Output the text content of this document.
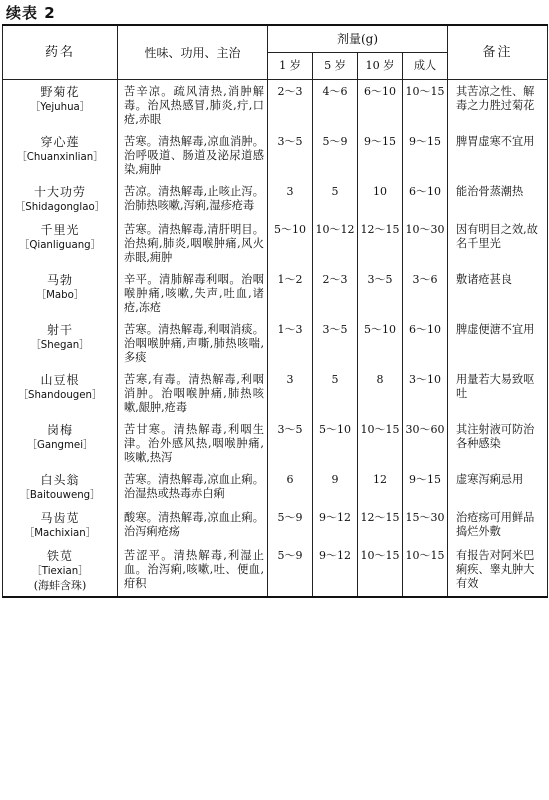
续表 2
药名	性味、功用、主治	剂量(g)				备注
		1 岁	5 岁	10 岁	成人	

野菊花
［Yejuhua］	苦辛凉。疏风清热,消肿解毒。治风热感冒,肺炎,疔,口疮,赤眼	2～3	4～6	6～10	10～15	其苦凉之性、解毒之力胜过菊花

穿心莲
［Chuanxinlian］	苦寒。清热解毒,凉血消肿。治呼吸道、肠道及泌尿道感染,痈肿	3～5	5～9	9～15	9～15	脾胃虚寒不宜用

十大功劳
［Shidagonglao］	苦凉。清热解毒,止咳止泻。治肺热咳嗽,泻痢,湿疹疮毒	3	5	10	6～10	能治骨蒸潮热

千里光
［Qianliguang］	苦寒。清热解毒,清肝明目。治热痢,肺炎,咽喉肿痛,风火赤眼,痈肿	5～10	10～12	12～15	10～30	因有明目之效,故名千里光

马勃
［Mabo］	辛平。清肺解毒利咽。治咽喉肿痛,咳嗽,失声,吐血,诸疮,冻疮	1～2	2～3	3～5	3～6	敷诸疮甚良

射干
［Shegan］	苦寒。清热解毒,利咽消痰。治咽喉肿痛,声嘶,肺热咳喘,多痰	1～3	3～5	5～10	6～10	脾虚便溏不宜用

山豆根
［Shandougen］	苦寒,有毒。清热解毒,利咽消肿。治咽喉肿痛,肺热咳嗽,龈肿,疮毒	3	5	8	3～10	用量若大易致呕吐

岗梅
［Gangmei］	苦甘寒。清热解毒,利咽生津。治外感风热,咽喉肿痛,咳嗽,热泻	3～5	5～10	10～15	30～60	其注射液可防治各种感染

白头翁
［Baitouweng］	苦寒。清热解毒,凉血止痢。治湿热或热毒赤白痢	6	9	12	9～15	虚寒泻痢忌用

马齿苋
［Machixian］	酸寒。清热解毒,凉血止痢。治泻痢疮疡	5～9	9～12	12～15	15～30	治疮疡可用鲜品捣烂外敷

铁苋
［Tiexian］
(海蚌含珠)	苦涩平。清热解毒,利湿止血。治泻痢,咳嗽,吐、便血,疳积	5～9	9～12	10～15	10～15	有报告对阿米巴痢疾、睾丸肿大有效
